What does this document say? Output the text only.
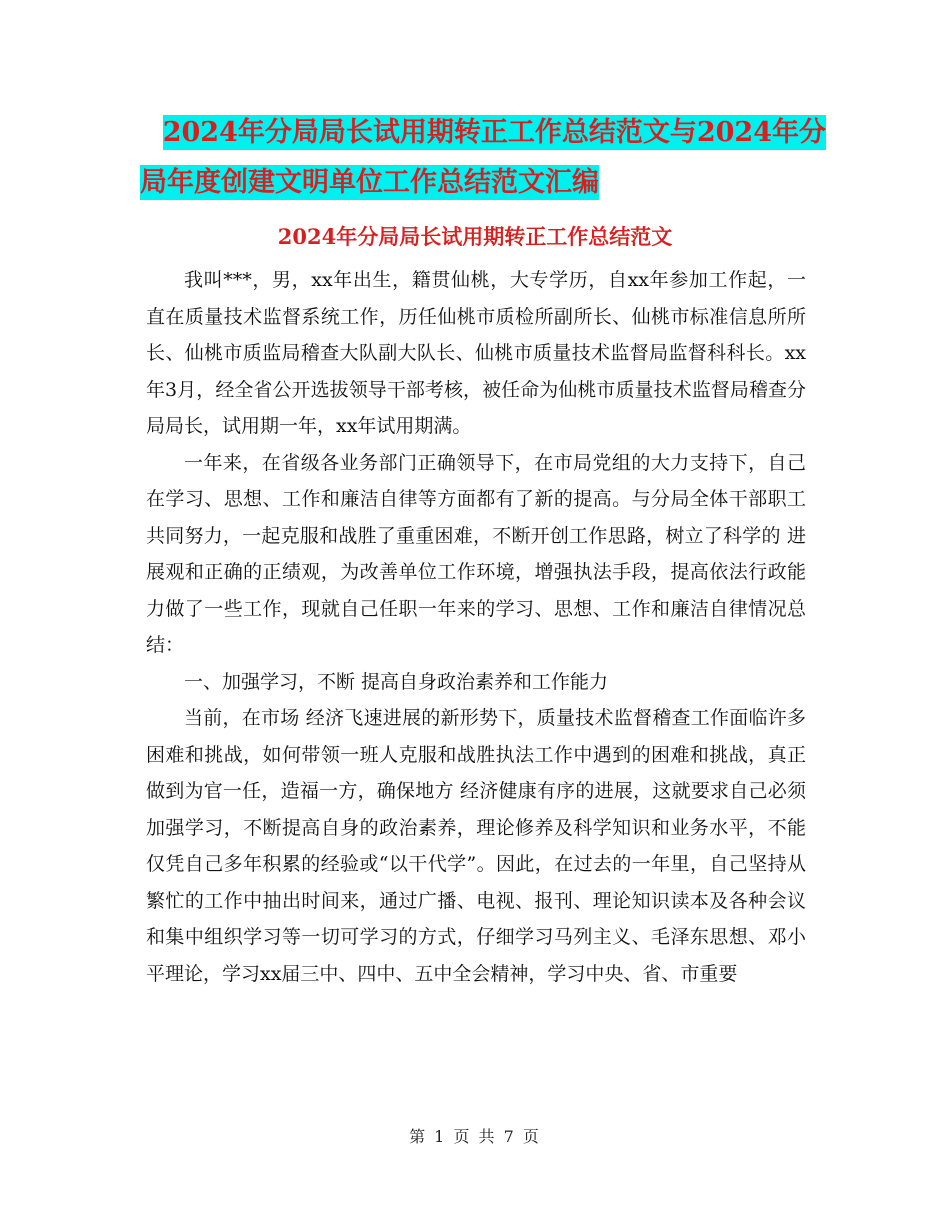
2024年分局局长试用期转正工作总结范文与2024年分
局年度创建文明单位工作总结范文汇编
2024年分局局长试用期转正工作总结范文

我叫***，男，xx年出生，籍贯仙桃，大专学历，自xx年参加工作起，一直在质量技术监督系统工作，历任仙桃市质检所副所长、仙桃市标准信息所所长、仙桃市质监局稽查大队副大队长、仙桃市质量技术监督局监督科科长。xx年3月，经全省公开选拔领导干部考核，被任命为仙桃市质量技术监督局稽查分局局长，试用期一年，xx年试用期满。

一年来，在省级各业务部门正确领导下，在市局党组的大力支持下，自己在学习、思想、工作和廉洁自律等方面都有了新的提高。与分局全体干部职工共同努力，一起克服和战胜了重重困难，不断开创工作思路，树立了科学的 进展观和正确的正绩观，为改善单位工作环境，增强执法手段，提高依法行政能力做了一些工作，现就自己任职一年来的学习、思想、工作和廉洁自律情况总结：

一、加强学习，不断 提高自身政治素养和工作能力

当前，在市场 经济飞速进展的新形势下，质量技术监督稽查工作面临许多困难和挑战，如何带领一班人克服和战胜执法工作中遇到的困难和挑战，真正做到为官一任，造福一方，确保地方 经济健康有序的进展，这就要求自己必须加强学习，不断提高自身的政治素养，理论修养及科学知识和业务水平，不能仅凭自己多年积累的经验或“以干代学”。因此，在过去的一年里，自己坚持从繁忙的工作中抽出时间来，通过广播、电视、报刊、理论知识读本及各种会议和集中组织学习等一切可学习的方式，仔细学习马列主义、毛泽东思想、邓小平理论，学习xx届三中、四中、五中全会精神，学习中央、省、市重要

第 1 页 共 7 页
